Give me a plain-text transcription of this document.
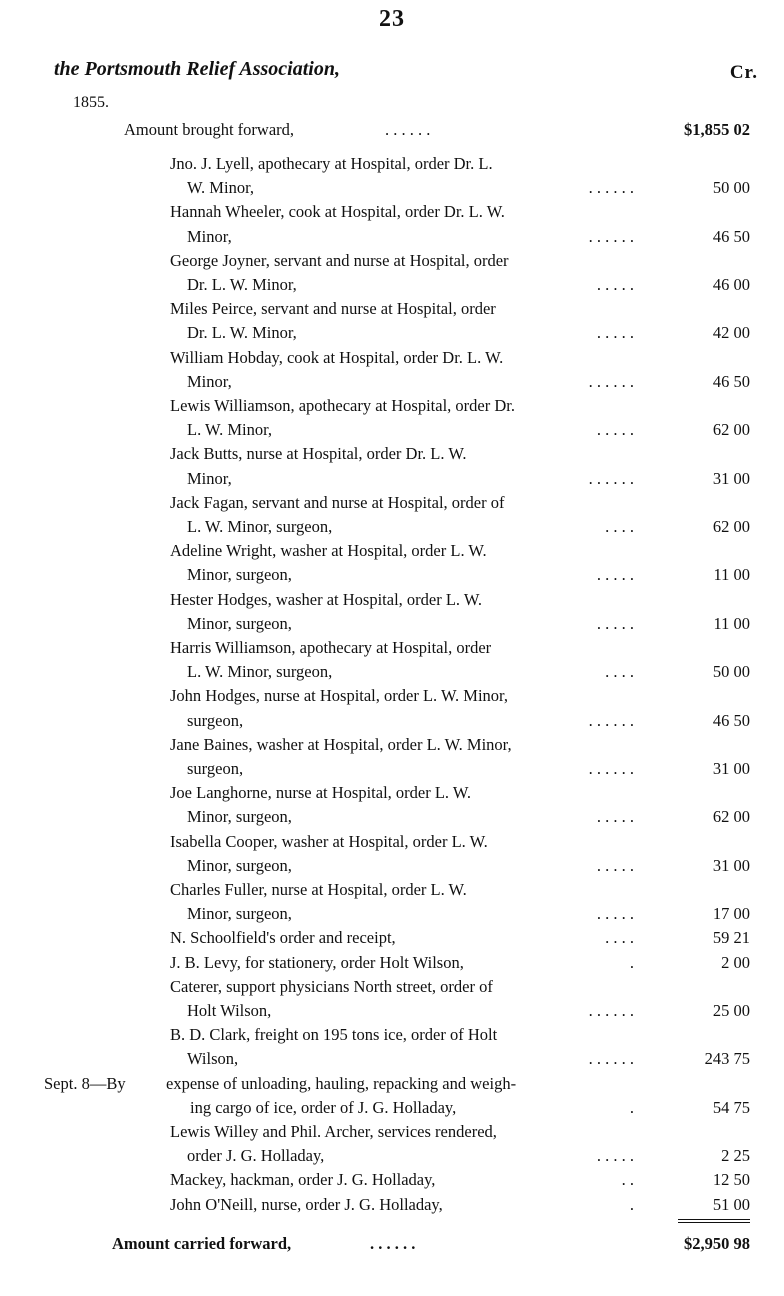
23
the Portsmouth Relief Association,	Cr.
1855.
Amount brought forward,	. . . . . .	$1,855 02
Jno. J. Lyell, apothecary at Hospital, order Dr. L.
W. Minor,	. . . . . .	50 00
Hannah Wheeler, cook at Hospital, order Dr. L. W.
Minor,	. . . . . .	46 50
George Joyner, servant and nurse at Hospital, order
Dr. L. W. Minor,	. . . . .	46 00
Miles Peirce, servant and nurse at Hospital, order
Dr. L. W. Minor,	. . . . .	42 00
William Hobday, cook at Hospital, order Dr. L. W.
Minor,	. . . . . .	46 50
Lewis Williamson, apothecary at Hospital, order Dr.
L. W. Minor,	. . . . .	62 00
Jack Butts, nurse at Hospital, order Dr. L. W.
Minor,	. . . . . .	31 00
Jack Fagan, servant and nurse at Hospital, order of
L. W. Minor, surgeon,	. . . .	62 00
Adeline Wright, washer at Hospital, order L. W.
Minor, surgeon,	. . . . .	11 00
Hester Hodges, washer at Hospital, order L. W.
Minor, surgeon,	. . . . .	11 00
Harris Williamson, apothecary at Hospital, order
L. W. Minor, surgeon,	. . . .	50 00
John Hodges, nurse at Hospital, order L. W. Minor,
surgeon,	. . . . . .	46 50
Jane Baines, washer at Hospital, order L. W. Minor,
surgeon,	. . . . . .	31 00
Joe Langhorne, nurse at Hospital, order L. W.
Minor, surgeon,	. . . . .	62 00
Isabella Cooper, washer at Hospital, order L. W.
Minor, surgeon,	. . . . .	31 00
Charles Fuller, nurse at Hospital, order L. W.
Minor, surgeon,	. . . . .	17 00
N. Schoolfield's order and receipt,	. . . .	59 21
J. B. Levy, for stationery, order Holt Wilson,	.	2 00
Caterer, support physicians North street, order of
Holt Wilson,	. . . . . .	25 00
B. D. Clark, freight on 195 tons ice, order of Holt
Wilson,	. . . . . .	243 75
Sept. 8—By expense of unloading, hauling, repacking and weigh-
ing cargo of ice, order of J. G. Holladay,	.	54 75
Lewis Willey and Phil. Archer, services rendered,
order J. G. Holladay,	. . . . .	2 25
Mackey, hackman, order J. G. Holladay,	. .	12 50
John O'Neill, nurse, order J. G. Holladay,	.	51 00
Amount carried forward,	. . . . . .	$2,950 98
